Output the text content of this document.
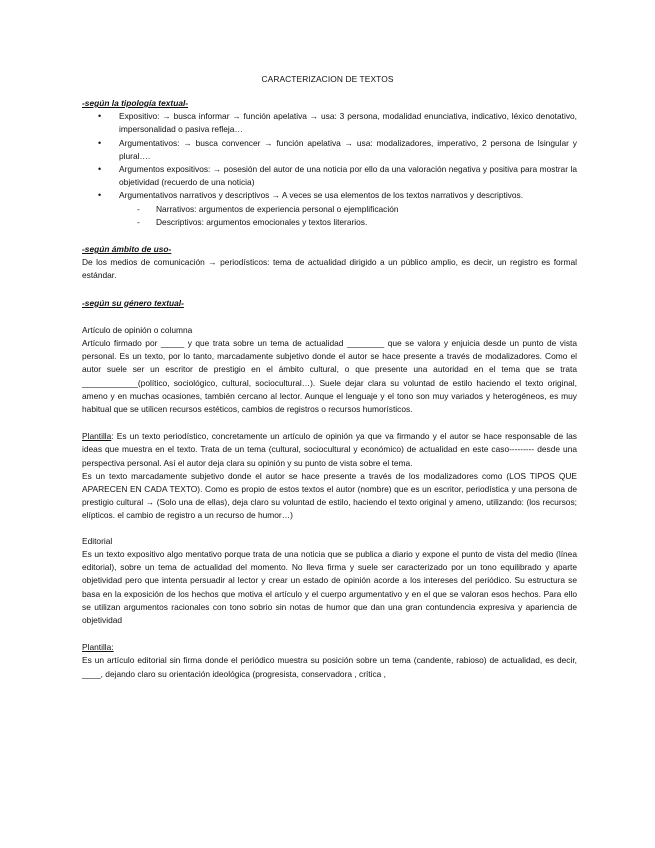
CARACTERIZACION DE TEXTOS

-según la tipología textual-

• Expositivo: → busca informar → función apelativa → usa: 3 persona, modalidad enunciativa, indicativo, léxico denotativo, impersonalidad o pasiva refleja…
• Argumentativos: → busca convencer → función apelativa → usa: modalizadores, imperativo, 2 persona de lsingular y plural….
• Argumentos expositivos: → posesión del autor de una noticia por ello da una valoración negativa y positiva para mostrar la objetividad (recuerdo de una noticia)
• Argumentativos narrativos y descriptivos → A veces se usa elementos de los textos narrativos y descriptivos.
- Narrativos: argumentos de experiencia personal o ejemplificación
- Descriptivos: argumentos emocionales y textos literarios.

-según ámbito de uso-

De los medios de comunicación → periodísticos: tema de actualidad dirigido a un público amplio, es decir, un registro es formal estándar.

-según su género textual-

Artículo de opinión o columna

Artículo firmado por _____ y que trata sobre un tema de actualidad ________ que se valora y enjuicia desde un punto de vista personal. Es un texto, por lo tanto, marcadamente subjetivo donde el autor se hace presente a través de modalizadores. Como el autor suele ser un escritor de prestigio en el ámbito cultural, o que presente una autoridad en el tema que se trata ____________(político, sociológico, cultural, sociocultural…). Suele dejar clara su voluntad de estilo haciendo el texto original, ameno y en muchas ocasiones, también cercano al lector. Aunque el lenguaje y el tono son muy variados y heterogéneos, es muy habitual que se utilicen recursos estéticos, cambios de registros o recursos humorísticos.

Plantilla: Es un texto periodístico, concretamente un artículo de opinión ya que va firmando y el autor se hace responsable de las ideas que muestra en el texto. Trata de un tema (cultural, sociocultural y económico) de actualidad en este caso--------- desde una perspectiva personal. Así el autor deja clara su opinión y su punto de vista sobre el tema.

Es un texto marcadamente subjetivo donde el autor se hace presente a través de los modalizadores como (LOS TIPOS QUE APARECEN EN CADA TEXTO). Como es propio de estos textos el autor (nombre) que es un escritor, periodística y una persona de prestigio cultural → (Solo una de ellas), deja claro su voluntad de estilo, haciendo el texto original y ameno, utilizando: (los recursos; elípticos. el cambio de registro a un recurso de humor…)

Editorial

Es un texto expositivo algo mentativo porque trata de una noticia que se publica a diario y expone el punto de vista del medio (línea editorial), sobre un tema de actualidad del momento. No lleva firma y suele ser caracterizado por un tono equilibrado y aparte objetividad pero que intenta persuadir al lector y crear un estado de opinión acorde a los intereses del periódico. Su estructura se basa en la exposición de los hechos que motiva el artículo y el cuerpo argumentativo y en el que se valoran esos hechos. Para ello se utilizan argumentos racionales con tono sobrio sin notas de humor que dan una gran contundencia expresiva y apariencia de objetividad

Plantilla:

Es un artículo editorial sin firma donde el periódico muestra su posición sobre un tema (candente, rabioso) de actualidad, es decir, ____, dejando claro su orientación ideológica (progresista, conservadora , crítica ,
